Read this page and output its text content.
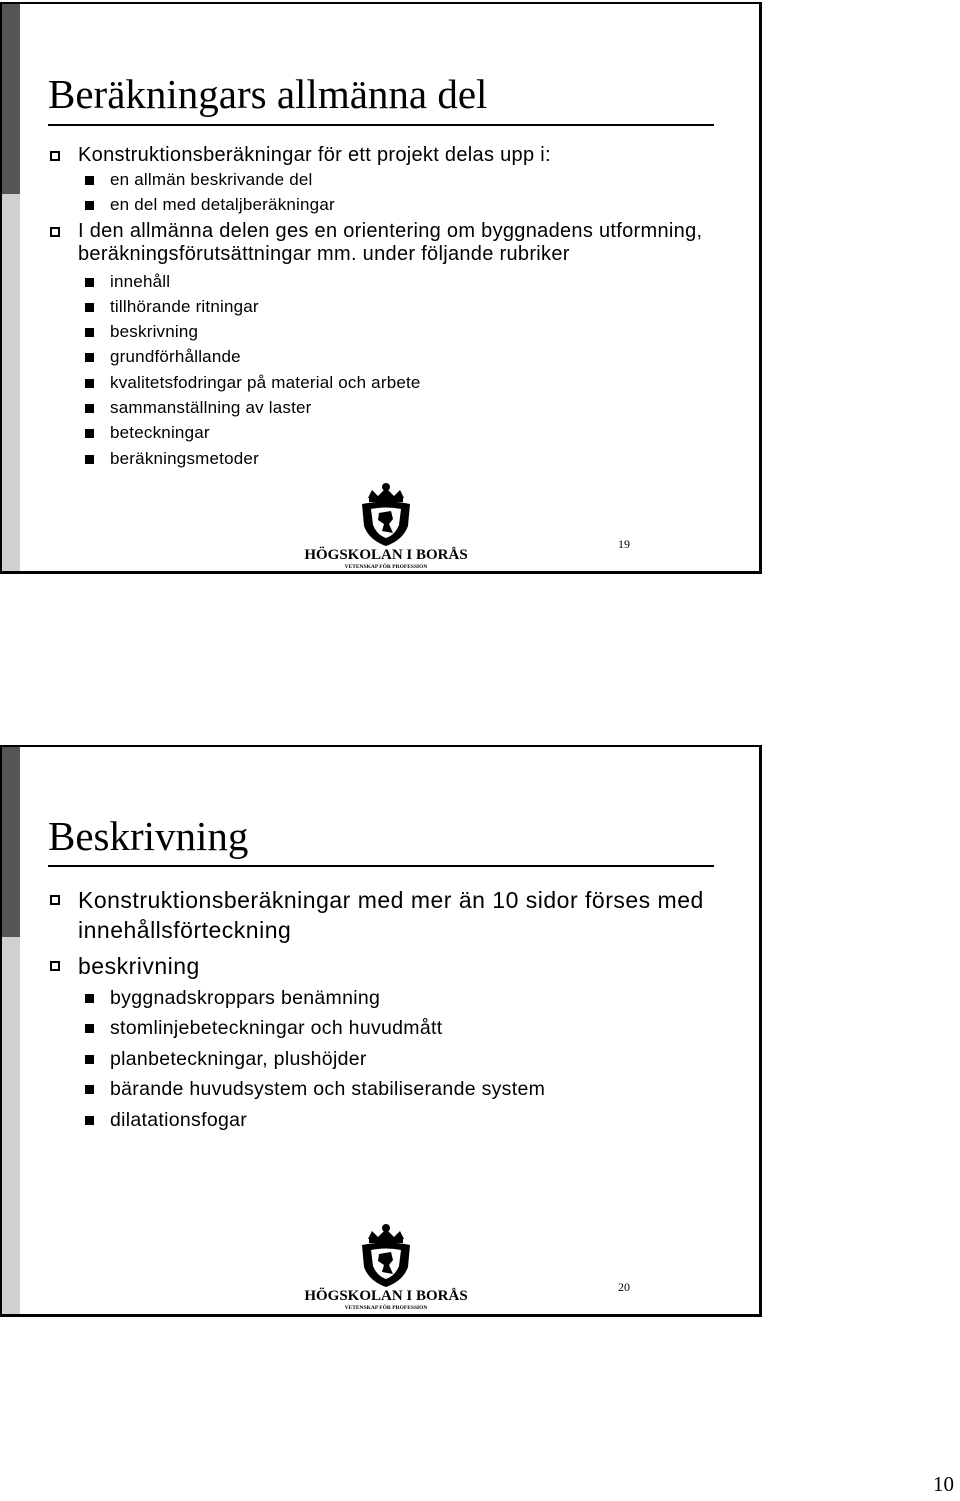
Beräkningars allmänna del
Konstruktionsberäkningar för ett projekt delas upp i:
en allmän beskrivande del
en del med detaljberäkningar
I den allmänna delen ges en orientering om byggnadens utformning, beräkningsförutsättningar mm. under följande rubriker
innehåll
tillhörande ritningar
beskrivning
grundförhållande
kvalitetsfodringar på material och arbete
sammanställning av laster
beteckningar
beräkningsmetoder
HÖGSKOLAN I BORÅS
VETENSKAP FÖR PROFESSION
19
Beskrivning
Konstruktionsberäkningar med mer än 10 sidor förses med innehållsförteckning
beskrivning
byggnadskroppars benämning
stomlinjebeteckningar och huvudmått
planbeteckningar, plushöjder
bärande huvudsystem och stabiliserande system
dilatationsfogar
HÖGSKOLAN I BORÅS
VETENSKAP FÖR PROFESSION
20
10
